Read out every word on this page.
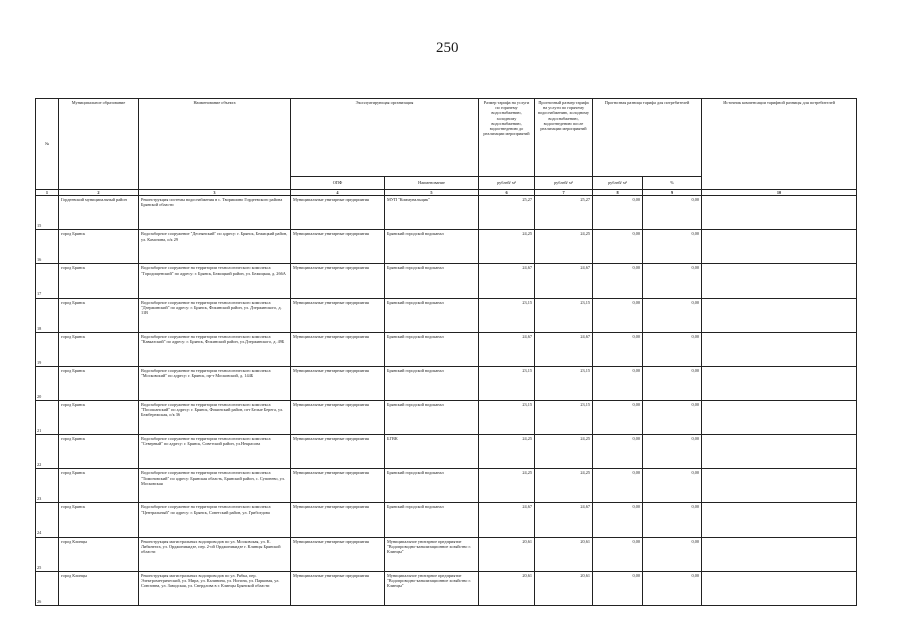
250
№	Муниципальное образование	Наименование объекта	Эксплуатирующая организация		Размер тарифа на услуги по горячему водоснабжению, холодному водоснабжению, водоотведению до реализации мероприятий	Прогнозный размер тарифа на услуги по горячему водоснабжению, холодному водоснабжению, водоотведению после реализации мероприятий	Прогнозная разница тарифа для потребителей		Источник компенсации тарифной разницы для потребителей
			ОПФ	Наименование	рублей/ м³	рублей/ м³	рублей/ м³	%	
1	2	3	4	5	6	7	8	9	10
15	Гордеевский муниципальный район	Реконструкция системы водоснабжения в с. Творишино Гордеевского района Брянской области	Муниципальные унитарные предприятия	МУП "Коммунальщик"	25,27	25,27	0,00	0,00	
16	город Брянск	Водозаборное сооружение "Деснянский" по адресу: г. Брянск, Бежицкий район, ул. Камозина, о/к 29	Муниципальные унитарные предприятия	Брянский городской водоканал	24,25	24,25	0,00	0,00	
17	город Брянск	Водозаборное сооружение на территории технологического комплекса "Городищенский" по адресу: г. Брянск, Бежицкий район, ул. Бежицкая, д. 266А	Муниципальные унитарные предприятия	Брянский городской водоканал	24,67	24,67	0,00	0,00	
18	город Брянск	Водозаборное сооружение на территории технологического комплекса "Дзержинский" по адресу: г. Брянск, Фокинский район, ул. Дзержинского, д. 11В	Муниципальные унитарные предприятия	Брянский городской водоканал	23,15	23,15	0,00	0,00	
19	город Брянск	Водозаборное сооружение на территории технологического комплекса "Кавказский" по адресу: г. Брянск, Фокинский район, ул.Дзержинского, д. 49Б	Муниципальные унитарные предприятия	Брянский городской водоканал	24,67	24,67	0,00	0,00	
20	город Брянск	Водозаборное сооружение на территории технологического комплекса "Московский" по адресу: г. Брянск, пр-т Московский, д. 144Б	Муниципальные унитарные предприятия	Брянский городской водоканал	23,15	23,15	0,00	0,00	
21	город Брянск	Водозаборное сооружение на территории технологического комплекса "Посошанский" по адресу: г. Брянск, Фокинский район, пгт Белые Берега, ул. Бежбережская, о/к 36	Муниципальные унитарные предприятия	Брянский городской водоканал	23,15	23,15	0,00	0,00	
22	город Брянск	Водозаборное сооружение на территории технологического комплекса "Северный" по адресу: г. Брянск, Советский район, ул.Некрасова	Муниципальные унитарные предприятия	БГВК	24,25	24,25	0,00	0,00	
23	город Брянск	Водозаборное сооружение на территории технологического комплекса "Тимоновский" по адресу: Брянская область, Брянский район, с. Супонево, ул. Московская	Муниципальные унитарные предприятия	Брянский городской водоканал	24,25	24,25	0,00	0,00	
24	город Брянск	Водозаборное сооружение на территории технологического комплекса "Центральный" по адресу: г. Брянск, Советский район, ул. Грибоедова	Муниципальные унитарные предприятия	Брянский городской водоканал	24,67	24,67	0,00	0,00	
25	город Клинцы	Реконструкция магистральных водопроводов по ул. Московская, ул. К. Либкнехта, ул. Орджоникидзе, пер. 2-ой Орджоникидзе г. Клинцы Брянской области	Муниципальные унитарные предприятия	Муниципальное унитарное предприятие "Водопроводно-канализационное хозяйство г. Клинцы"	20,61	20,61	0,00	0,00	
26	город Клинцы	Реконструкция магистральных водопроводов по ул. Рябка, пер. Электрометрический, ул. Мира, ул. Калинина, ул. Ногина, ул. Парковая, ул. Союзовна, ул. Заводская, ул. Свердлова в г. Клинцы Брянской области	Муниципальные унитарные предприятия	Муниципальное унитарное предприятие "Водопроводно-канализационное хозяйство г. Клинцы"	20,61	20,61	0,00	0,00	
